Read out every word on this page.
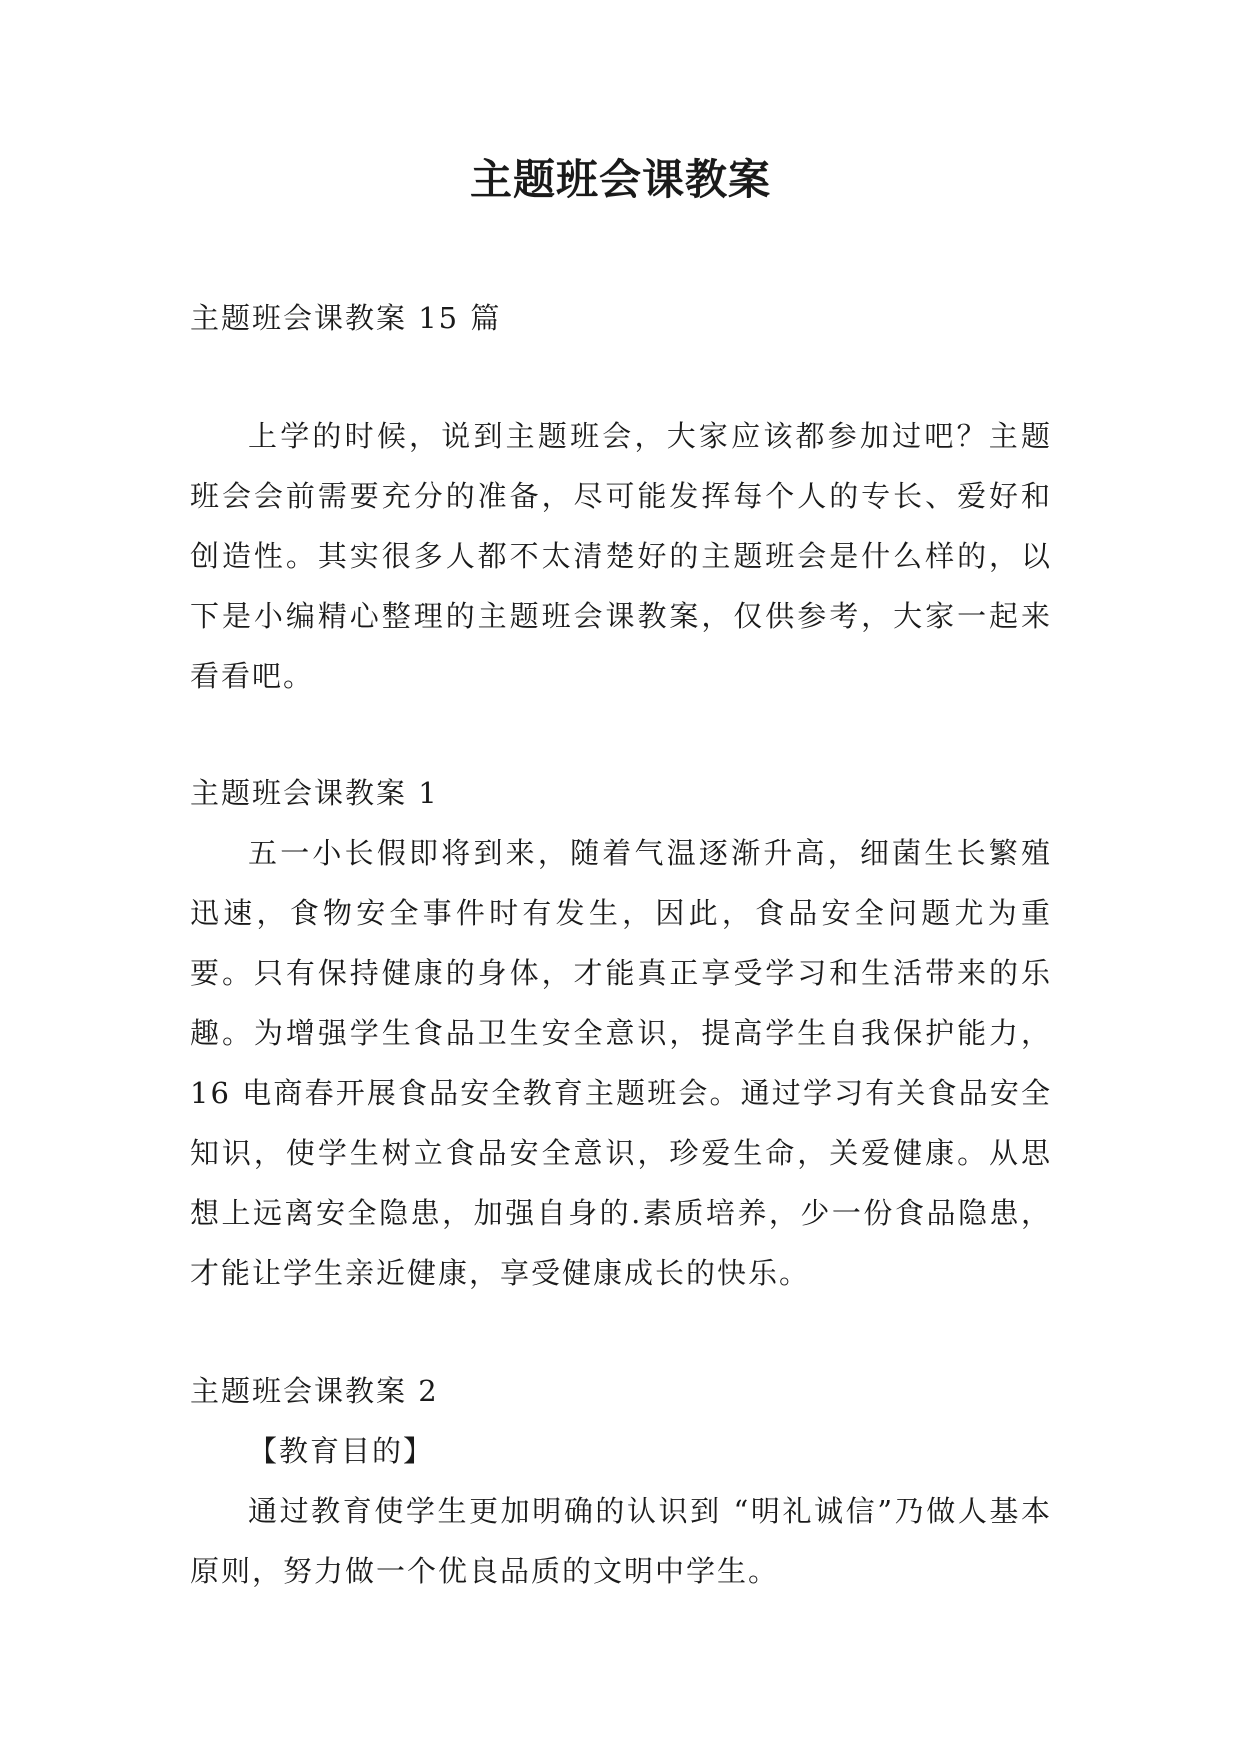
主题班会课教案

主题班会课教案 15 篇

上学的时候，说到主题班会，大家应该都参加过吧？主题班会会前需要充分的准备，尽可能发挥每个人的专长、爱好和创造性。其实很多人都不太清楚好的主题班会是什么样的，以下是小编精心整理的主题班会课教案，仅供参考，大家一起来看看吧。

主题班会课教案 1

五一小长假即将到来，随着气温逐渐升高，细菌生长繁殖迅速，食物安全事件时有发生，因此，食品安全问题尤为重要。只有保持健康的身体，才能真正享受学习和生活带来的乐趣。为增强学生食品卫生安全意识，提高学生自我保护能力，16 电商春开展食品安全教育主题班会。通过学习有关食品安全知识，使学生树立食品安全意识，珍爱生命，关爱健康。从思想上远离安全隐患，加强自身的.素质培养，少一份食品隐患，才能让学生亲近健康，享受健康成长的快乐。

主题班会课教案 2

【教育目的】

通过教育使学生更加明确的认识到 “明礼诚信”乃做人基本原则，努力做一个优良品质的文明中学生。
